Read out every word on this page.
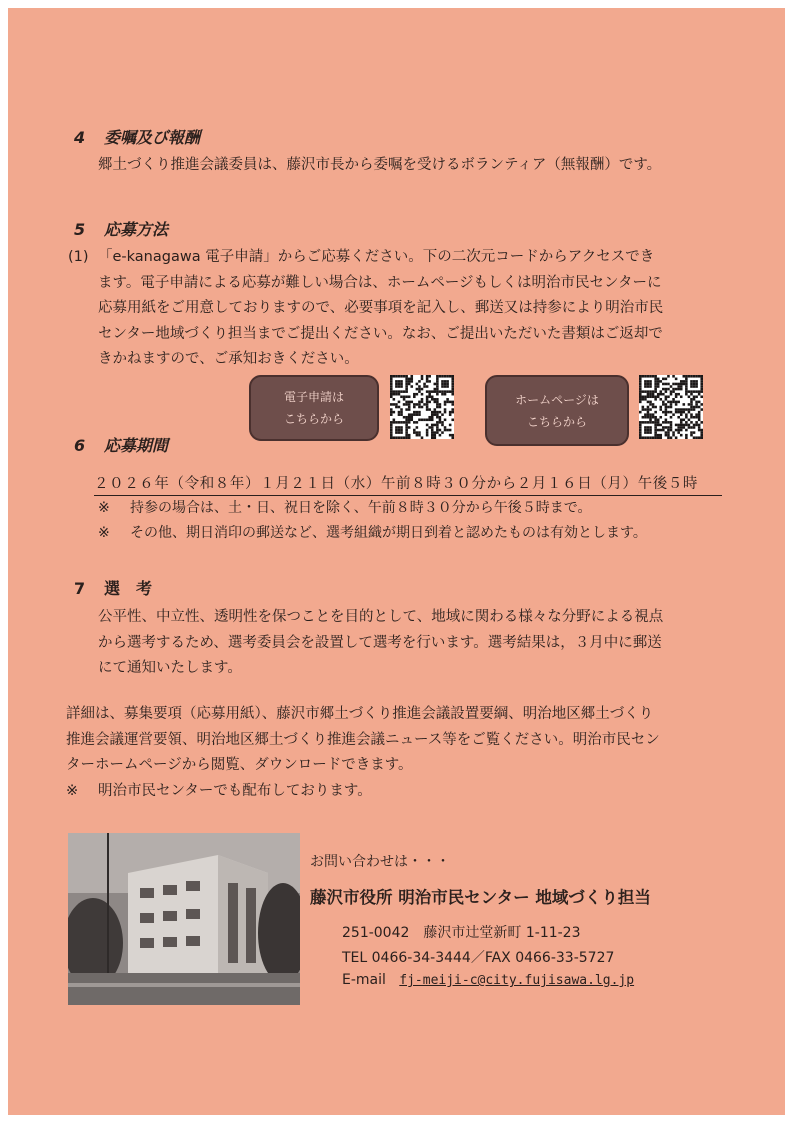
4 委嘱及び報酬
郷土づくり推進会議委員は、藤沢市長から委嘱を受けるボランティア（無報酬）です。
5 応募方法
(1) 「e-kanagawa 電子申請」からご応募ください。下の二次元コードからアクセスでき
ます。電子申請による応募が難しい場合は、ホームページもしくは明治市民センターに
応募用紙をご用意しておりますので、必要事項を記入し、郵送又は持参により明治市民
センター地域づくり担当までご提出ください。なお、ご提出いただいた書類はご返却で
きかねますので、ご承知おきください。
電子申請は
こちらから
ホームページは
こちらから
6 応募期間
２０２６年（令和８年）１月２１日（水）午前８時３０分から２月１６日（月）午後５時
※ 持参の場合は、土・日、祝日を除く、午前８時３０分から午後５時まで。
※ その他、期日消印の郵送など、選考組織が期日到着と認めたものは有効とします。
7 選　考
公平性、中立性、透明性を保つことを目的として、地域に関わる様々な分野による視点
から選考するため、選考委員会を設置して選考を行います。選考結果は，３月中に郵送
にて通知いたします。
詳細は、募集要項（応募用紙）、藤沢市郷土づくり推進会議設置要綱、明治地区郷土づくり
推進会議運営要領、明治地区郷土づくり推進会議ニュース等をご覧ください。明治市民セン
ターホームページから閲覧、ダウンロードできます。
※ 明治市民センターでも配布しております。
お問い合わせは・・・
藤沢市役所 明治市民センター 地域づくり担当
251-0042　 藤沢市辻堂新町 1-11-23
TEL 0466-34-3444／FAX 0466-33-5727
E-mail fj-meiji-c@city.fujisawa.lg.jp
